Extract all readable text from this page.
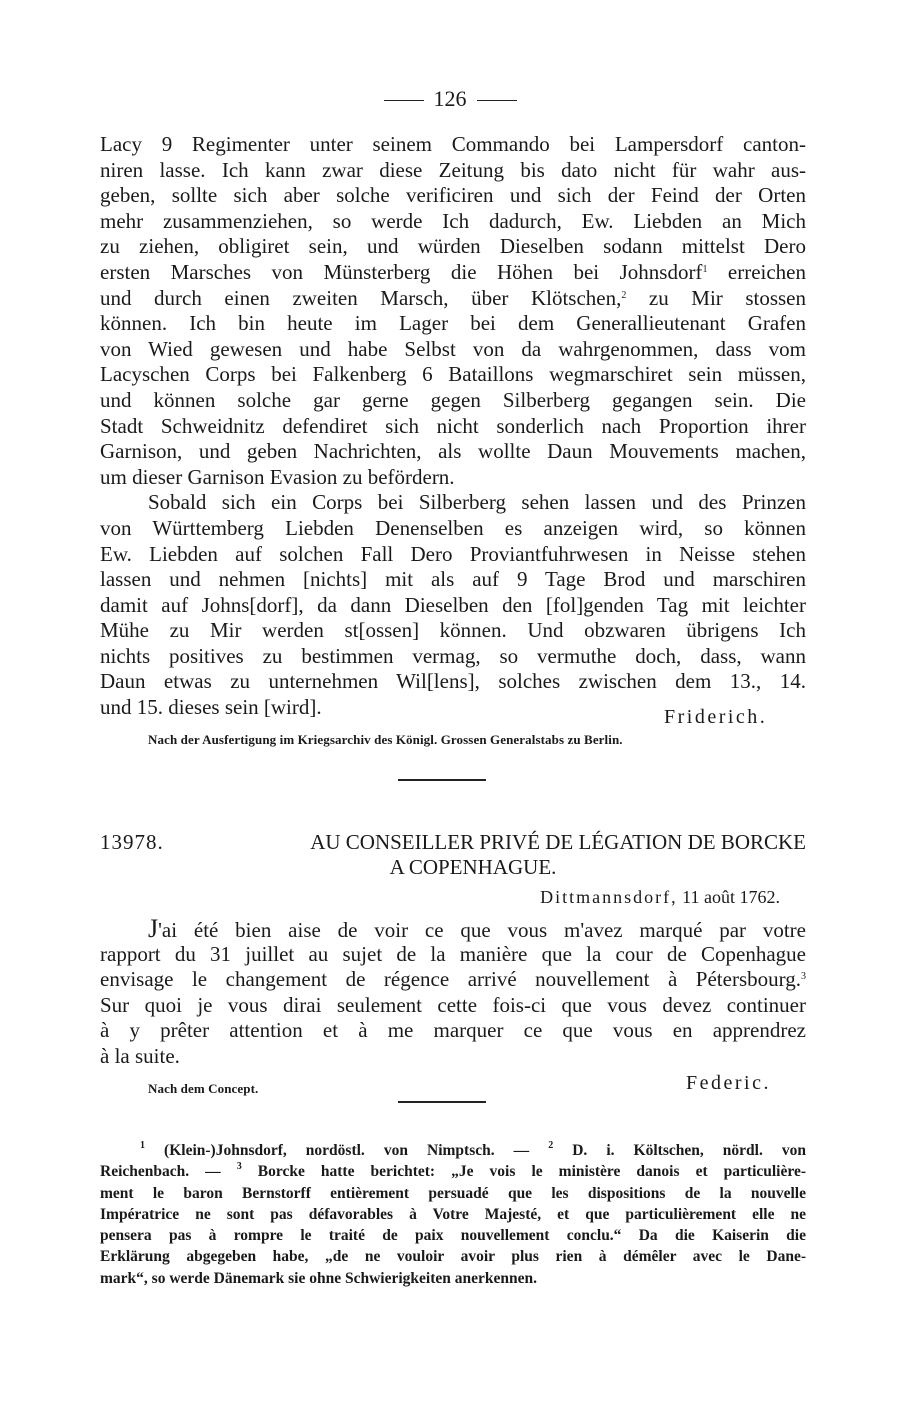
126
Lacy 9 Regimenter unter seinem Commando bei Lampersdorf canton-
niren lasse. Ich kann zwar diese Zeitung bis dato nicht für wahr aus-
geben, sollte sich aber solche verificiren und sich der Feind der Orten
mehr zusammenziehen, so werde Ich dadurch, Ew. Liebden an Mich
zu ziehen, obligiret sein, und würden Dieselben sodann mittelst Dero
ersten Marsches von Münsterberg die Höhen bei Johnsdorf$^1$ erreichen
und durch einen zweiten Marsch, über Klötschen,$^2$ zu Mir stossen
können. Ich bin heute im Lager bei dem Generallieutenant Grafen
von Wied gewesen und habe Selbst von da wahrgenommen, dass vom
Lacyschen Corps bei Falkenberg 6 Bataillons wegmarschiret sein müssen,
und können solche gar gerne gegen Silberberg gegangen sein. Die
Stadt Schweidnitz defendiret sich nicht sonderlich nach Proportion ihrer
Garnison, und geben Nachrichten, als wollte Daun Mouvements machen,
um dieser Garnison Evasion zu befördern.
Sobald sich ein Corps bei Silberberg sehen lassen und des Prinzen
von Württemberg Liebden Denenselben es anzeigen wird, so können
Ew. Liebden auf solchen Fall Dero Proviantfuhrwesen in Neisse stehen
lassen und nehmen [nichts] mit als auf 9 Tage Brod und marschiren
damit auf Johns[dorf], da dann Dieselben den [fol]genden Tag mit leichter
Mühe zu Mir werden st[ossen] können. Und obzwaren übrigens Ich
nichts positives zu bestimmen vermag, so vermuthe doch, dass, wann
Daun etwas zu unternehmen Wil[lens], solches zwischen dem 13., 14.
und 15. dieses sein [wird].	Friderich.
Nach der Ausfertigung im Kriegsarchiv des Königl. Grossen Generalstabs zu Berlin.
13978.	AU CONSEILLER PRIVÉ DE LÉGATION DE BORCKE
A COPENHAGUE.
Dittmannsdorf, 11 août 1762.
J'ai été bien aise de voir ce que vous m'avez marqué par votre
rapport du 31 juillet au sujet de la manière que la cour de Copenhague
envisage le changement de régence arrivé nouvellement à Pétersbourg.$^3$
Sur quoi je vous dirai seulement cette fois-ci que vous devez continuer
à y prêter attention et à me marquer ce que vous en apprendrez
à la suite.
Nach dem Concept.	Federic.
$^1$ (Klein-)Johnsdorf, nordöstl. von Nimptsch. — $^2$ D. i. Költschen, nördl. von
Reichenbach. — $^3$ Borcke hatte berichtet: „Je vois le ministère danois et particulière-
ment le baron Bernstorff entièrement persuadé que les dispositions de la nouvelle
Impératrice ne sont pas défavorables à Votre Majesté, et que particulièrement elle ne
pensera pas à rompre le traité de paix nouvellement conclu.“ Da die Kaiserin die
Erklärung abgegeben habe, „de ne vouloir avoir plus rien à démêler avec le Dane-
mark“, so werde Dänemark sie ohne Schwierigkeiten anerkennen.
